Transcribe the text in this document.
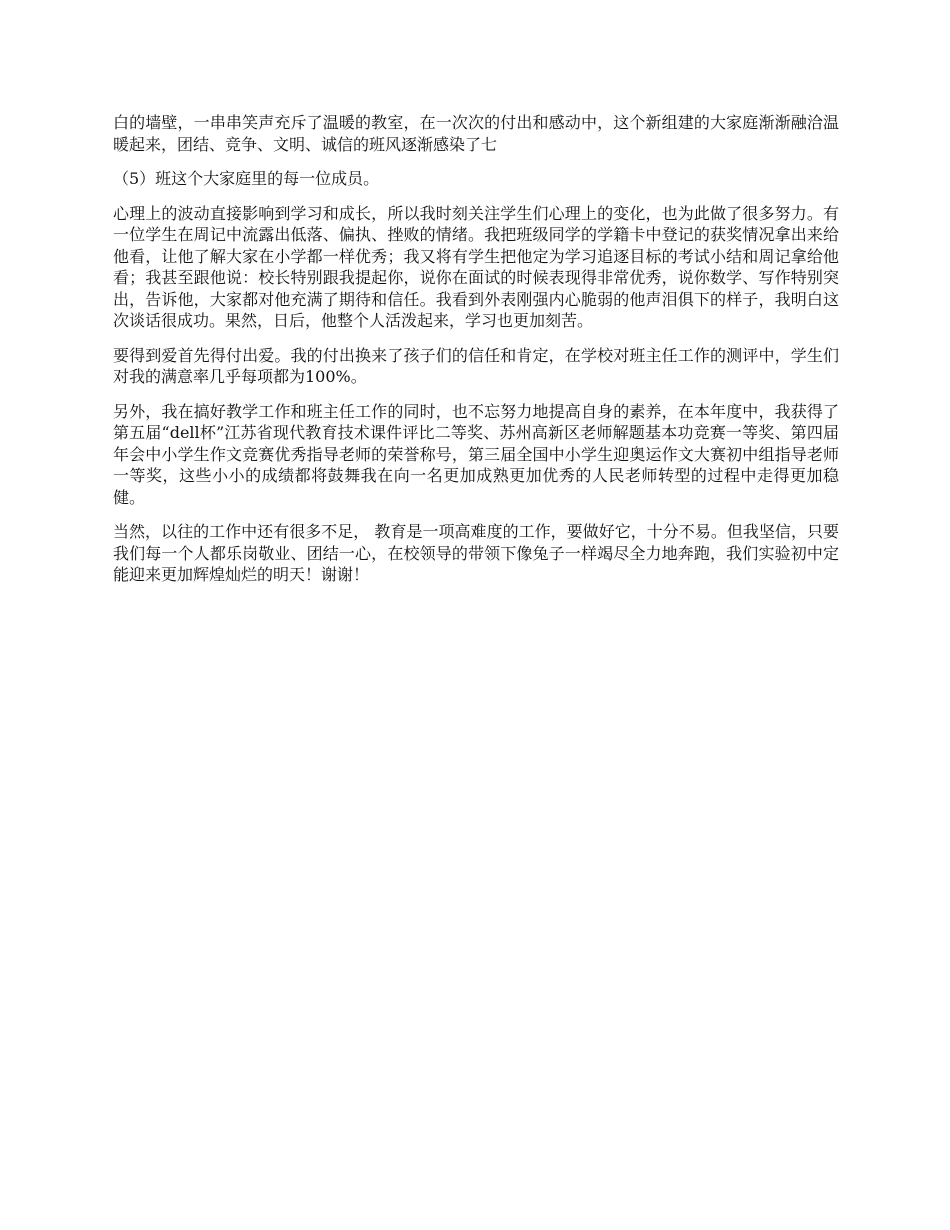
白的墙壁，一串串笑声充斥了温暖的教室，在一次次的付出和感动中，这个新组建的大家庭渐渐融洽温暖起来，团结、竞争、文明、诚信的班风逐渐感染了七

（5）班这个大家庭里的每一位成员。

心理上的波动直接影响到学习和成长，所以我时刻关注学生们心理上的变化，也为此做了很多努力。有一位学生在周记中流露出低落、偏执、挫败的情绪。我把班级同学的学籍卡中登记的获奖情况拿出来给他看，让他了解大家在小学都一样优秀；我又将有学生把他定为学习追逐目标的考试小结和周记拿给他看；我甚至跟他说：校长特别跟我提起你，说你在面试的时候表现得非常优秀，说你数学、写作特别突出，告诉他，大家都对他充满了期待和信任。我看到外表刚强内心脆弱的他声泪俱下的样子，我明白这次谈话很成功。果然，日后，他整个人活泼起来，学习也更加刻苦。

要得到爱首先得付出爱。我的付出换来了孩子们的信任和肯定，在学校对班主任工作的测评中，学生们对我的满意率几乎每项都为100%。

另外，我在搞好教学工作和班主任工作的同时，也不忘努力地提高自身的素养，在本年度中，我获得了第五届“dell杯”江苏省现代教育技术课件评比二等奖、苏州高新区老师解题基本功竞赛一等奖、第四届年会中小学生作文竞赛优秀指导老师的荣誉称号，第三届全国中小学生迎奥运作文大赛初中组指导老师一等奖，这些小小的成绩都将鼓舞我在向一名更加成熟更加优秀的人民老师转型的过程中走得更加稳健。

当然，以往的工作中还有很多不足， 教育是一项高难度的工作，要做好它，十分不易。但我坚信，只要我们每一个人都乐岗敬业、团结一心，在校领导的带领下像兔子一样竭尽全力地奔跑，我们实验初中定能迎来更加辉煌灿烂的明天！谢谢！
